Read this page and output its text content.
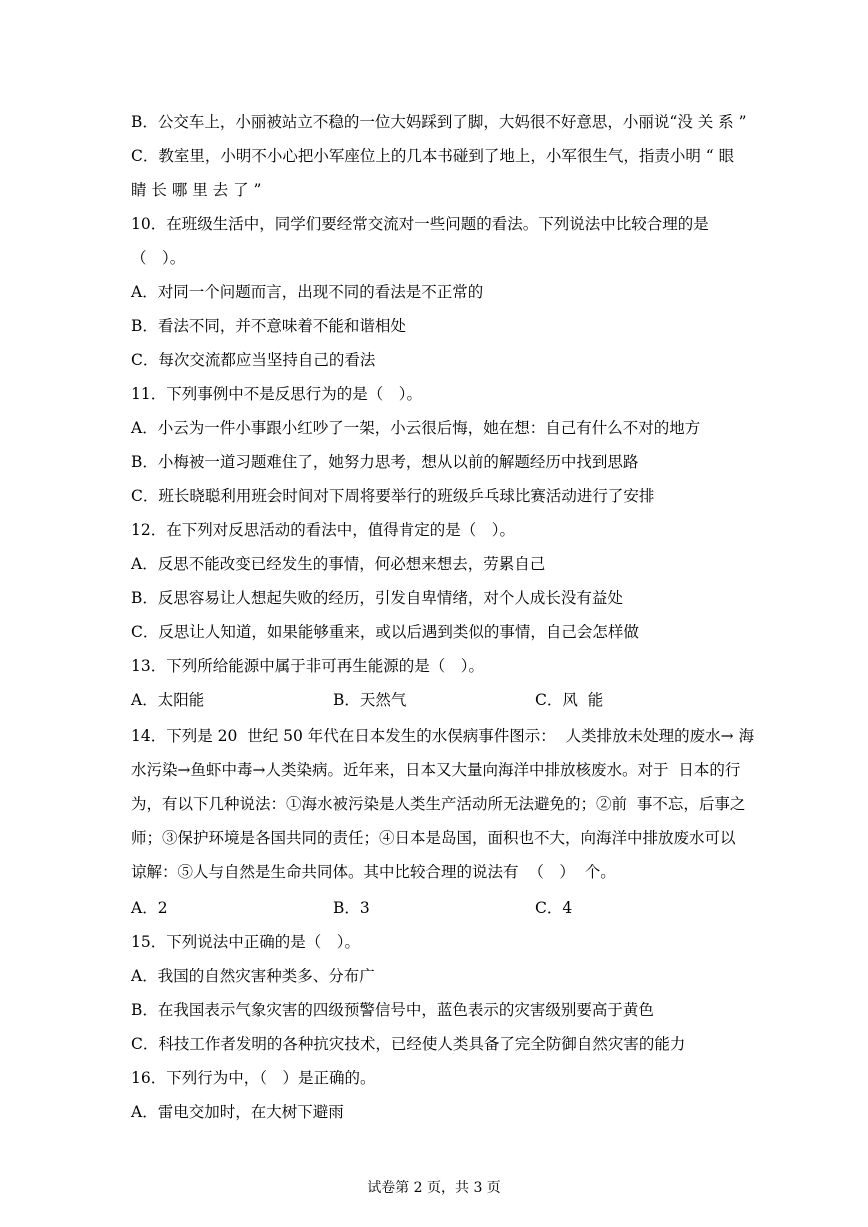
B．公交车上，小丽被站立不稳的一位大妈踩到了脚，大妈很不好意思，小丽说“没 关 系 ”
C．教室里，小明不小心把小军座位上的几本书碰到了地上，小军很生气，指责小明 “ 眼
睛 长 哪 里 去 了 ”
10．在班级生活中，同学们要经常交流对一些问题的看法。下列说法中比较合理的是
（　）。
A．对同一个问题而言，出现不同的看法是不正常的
B．看法不同，并不意味着不能和谐相处
C．每次交流都应当坚持自己的看法
11．下列事例中不是反思行为的是（　）。
A．小云为一件小事跟小红吵了一架，小云很后悔，她在想：自己有什么不对的地方
B．小梅被一道习题难住了，她努力思考，想从以前的解题经历中找到思路
C．班长晓聪利用班会时间对下周将要举行的班级乒乓球比赛活动进行了安排
12．在下列对反思活动的看法中，值得肯定的是（　）。
A．反思不能改变已经发生的事情，何必想来想去，劳累自己
B．反思容易让人想起失败的经历，引发自卑情绪，对个人成长没有益处
C．反思让人知道，如果能够重来，或以后遇到类似的事情，自己会怎样做
13．下列所给能源中属于非可再生能源的是（　）。
A．太阳能	B．天然气	C．风  能
14．下列是 20  世纪 50 年代在日本发生的水俣病事件图示：  人类排放未处理的废水→ 海
水污染→鱼虾中毒→人类染病。近年来，日本又大量向海洋中排放核废水。对于  日本的行
为，有以下几种说法：①海水被污染是人类生产活动所无法避免的；②前  事不忘，后事之
师；③保护环境是各国共同的责任；④日本是岛国，面积也不大，向海洋中排放废水可以
谅解：⑤人与自然是生命共同体。其中比较合理的说法有  （　）  个。
A．2	B．3	C．4
15．下列说法中正确的是（　）。
A．我国的自然灾害种类多、分布广
B．在我国表示气象灾害的四级预警信号中，蓝色表示的灾害级别要高于黄色
C．科技工作者发明的各种抗灾技术，已经使人类具备了完全防御自然灾害的能力
16．下列行为中，（　）是正确的。
A．雷电交加时，在大树下避雨
试卷第 2 页，共 3 页
